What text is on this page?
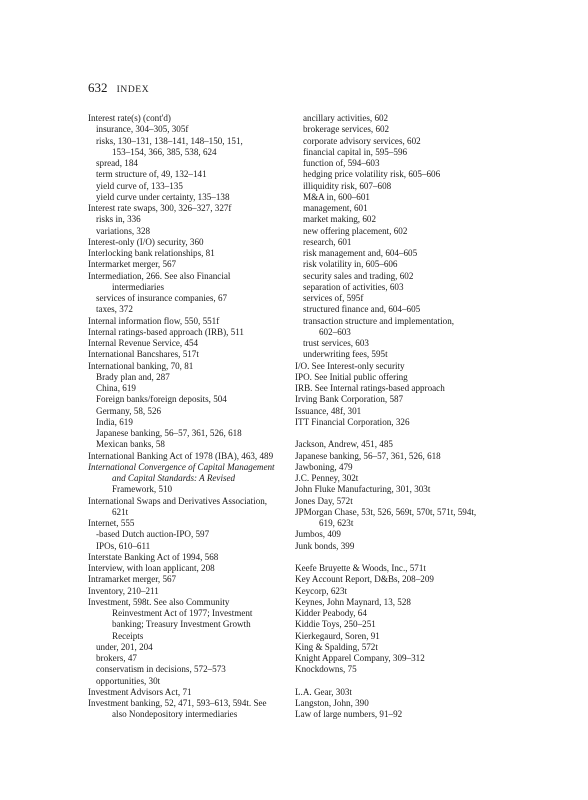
632 INDEX
Interest rate(s) (cont'd)
insurance, 304–305, 305f
risks, 130–131, 138–141, 148–150, 151,
153–154, 366, 385, 538, 624
spread, 184
term structure of, 49, 132–141
yield curve of, 133–135
yield curve under certainty, 135–138
Interest rate swaps, 300, 326–327, 327f
risks in, 336
variations, 328
Interest-only (I/O) security, 360
Interlocking bank relationships, 81
Intermarket merger, 567
Intermediation, 266. See also Financial
intermediaries
services of insurance companies, 67
taxes, 372
Internal information flow, 550, 551f
Internal ratings-based approach (IRB), 511
Internal Revenue Service, 454
International Bancshares, 517t
International banking, 70, 81
Brady plan and, 287
China, 619
Foreign banks/foreign deposits, 504
Germany, 58, 526
India, 619
Japanese banking, 56–57, 361, 526, 618
Mexican banks, 58
International Banking Act of 1978 (IBA), 463, 489
International Convergence of Capital Management
and Capital Standards: A Revised
Framework, 510
International Swaps and Derivatives Association,
621t
Internet, 555
-based Dutch auction-IPO, 597
IPOs, 610–611
Interstate Banking Act of 1994, 568
Interview, with loan applicant, 208
Intramarket merger, 567
Inventory, 210–211
Investment, 598t. See also Community
Reinvestment Act of 1977; Investment
banking; Treasury Investment Growth
Receipts
under, 201, 204
brokers, 47
conservatism in decisions, 572–573
opportunities, 30t
Investment Advisors Act, 71
Investment banking, 52, 471, 593–613, 594t. See
also Nondepository intermediaries
ancillary activities, 602
brokerage services, 602
corporate advisory services, 602
financial capital in, 595–596
function of, 594–603
hedging price volatility risk, 605–606
illiquidity risk, 607–608
M&A in, 600–601
management, 601
market making, 602
new offering placement, 602
research, 601
risk management and, 604–605
risk volatility in, 605–606
security sales and trading, 602
separation of activities, 603
services of, 595f
structured finance and, 604–605
transaction structure and implementation,
602–603
trust services, 603
underwriting fees, 595t
I/O. See Interest-only security
IPO. See Initial public offering
IRB. See Internal ratings-based approach
Irving Bank Corporation, 587
Issuance, 48f, 301
ITT Financial Corporation, 326
Jackson, Andrew, 451, 485
Japanese banking, 56–57, 361, 526, 618
Jawboning, 479
J.C. Penney, 302t
John Fluke Manufacturing, 301, 303t
Jones Day, 572t
JPMorgan Chase, 53t, 526, 569t, 570t, 571t, 594t,
619, 623t
Jumbos, 409
Junk bonds, 399
Keefe Bruyette & Woods, Inc., 571t
Key Account Report, D&Bs, 208–209
Keycorp, 623t
Keynes, John Maynard, 13, 528
Kidder Peabody, 64
Kiddie Toys, 250–251
Kierkegaurd, Soren, 91
King & Spalding, 572t
Knight Apparel Company, 309–312
Knockdowns, 75
L.A. Gear, 303t
Langston, John, 390
Law of large numbers, 91–92
